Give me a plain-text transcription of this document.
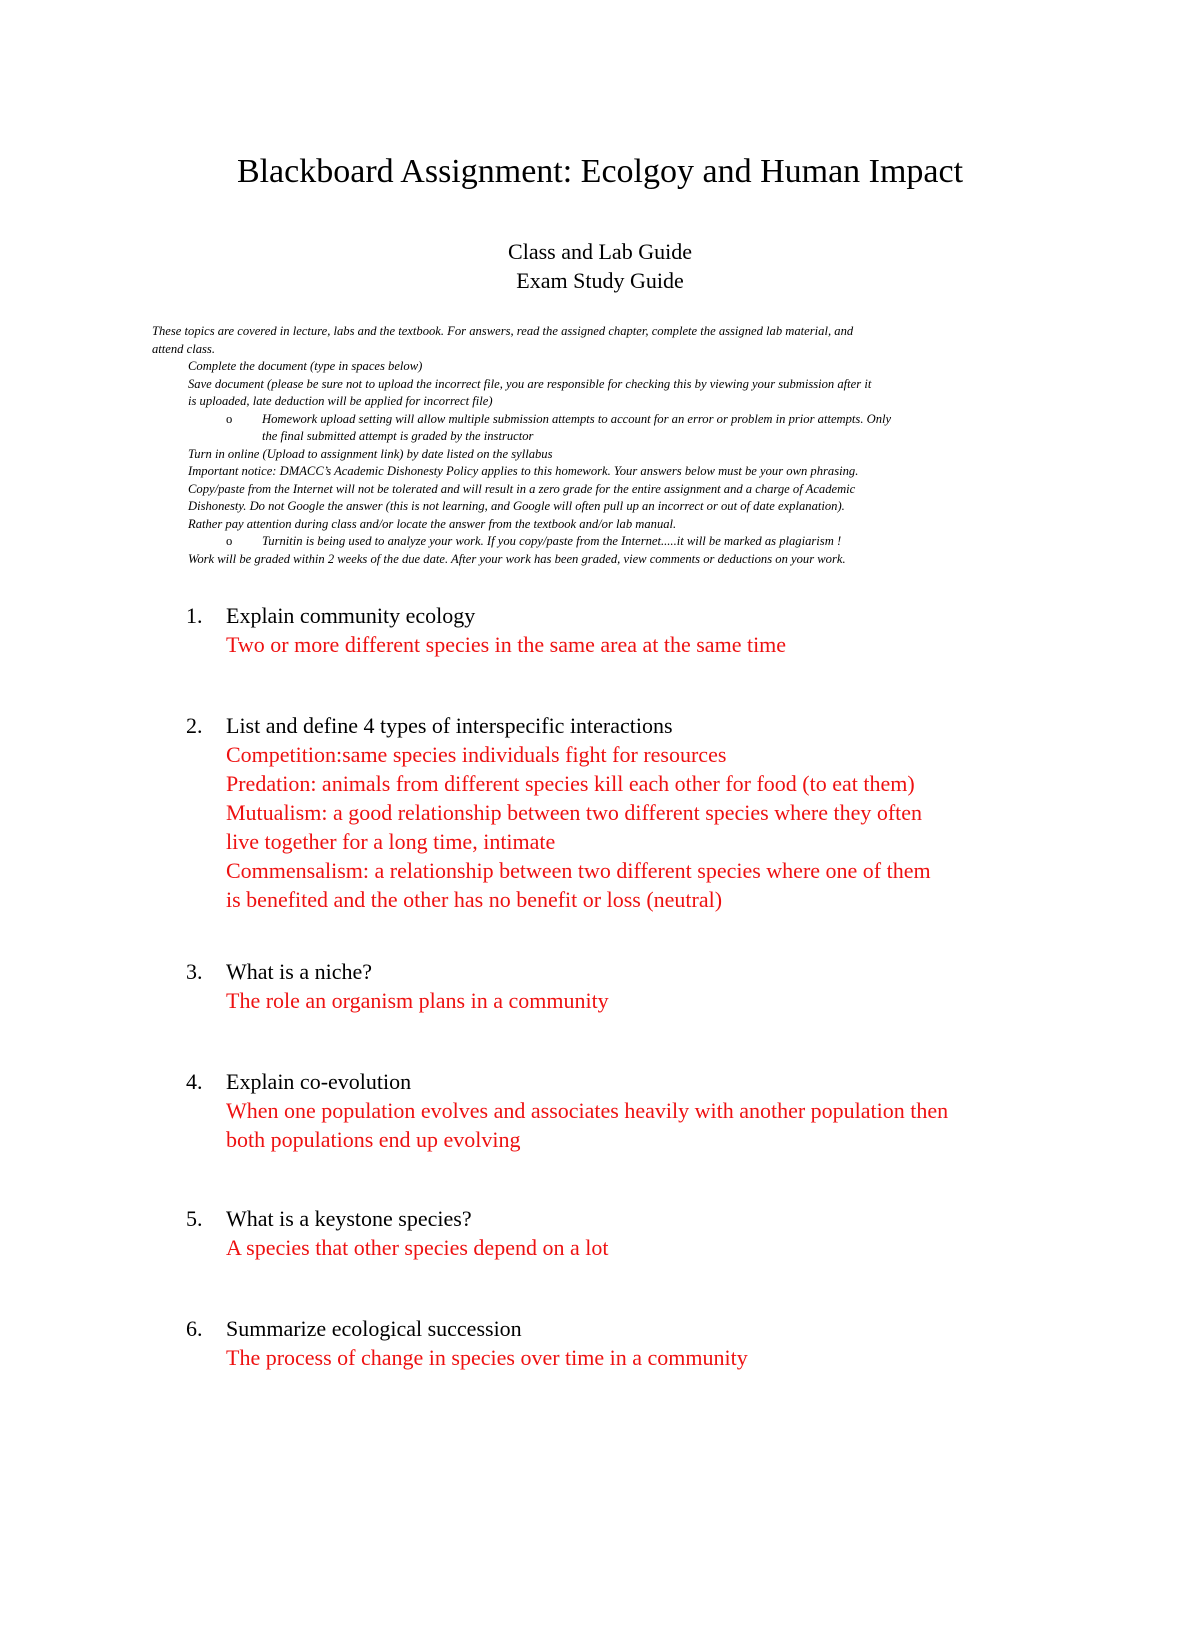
Blackboard Assignment: Ecolgoy and Human Impact
Class and Lab Guide
Exam Study Guide
These topics are covered in lecture, labs and the textbook. For answers, read the assigned chapter, complete the assigned lab material, and
attend class.
Complete the document (type in spaces below)
Save document (please be sure not to upload the incorrect file, you are responsible for checking this by viewing your submission after it
is uploaded, late deduction will be applied for incorrect file)
o Homework upload setting will allow multiple submission attempts to account for an error or problem in prior attempts. Only
the final submitted attempt is graded by the instructor
Turn in online (Upload to assignment link) by date listed on the syllabus
Important notice: DMACC’s Academic Dishonesty Policy applies to this homework. Your answers below must be your own phrasing.
Copy/paste from the Internet will not be tolerated and will result in a zero grade for the entire assignment and a charge of Academic
Dishonesty. Do not Google the answer (this is not learning, and Google will often pull up an incorrect or out of date explanation).
Rather pay attention during class and/or locate the answer from the textbook and/or lab manual.
o Turnitin is being used to analyze your work. If you copy/paste from the Internet.....it will be marked as plagiarism !
Work will be graded within 2 weeks of the due date. After your work has been graded, view comments or deductions on your work.
1. Explain community ecology
Two or more different species in the same area at the same time
2. List and define 4 types of interspecific interactions
Competition:same species individuals fight for resources
Predation: animals from different species kill each other for food (to eat them)
Mutualism: a good relationship between two different species where they often
live together for a long time, intimate
Commensalism: a relationship between two different species where one of them
is benefited and the other has no benefit or loss (neutral)
3. What is a niche?
The role an organism plans in a community
4. Explain co-evolution
When one population evolves and associates heavily with another population then
both populations end up evolving
5. What is a keystone species?
A species that other species depend on a lot
6. Summarize ecological succession
The process of change in species over time in a community
